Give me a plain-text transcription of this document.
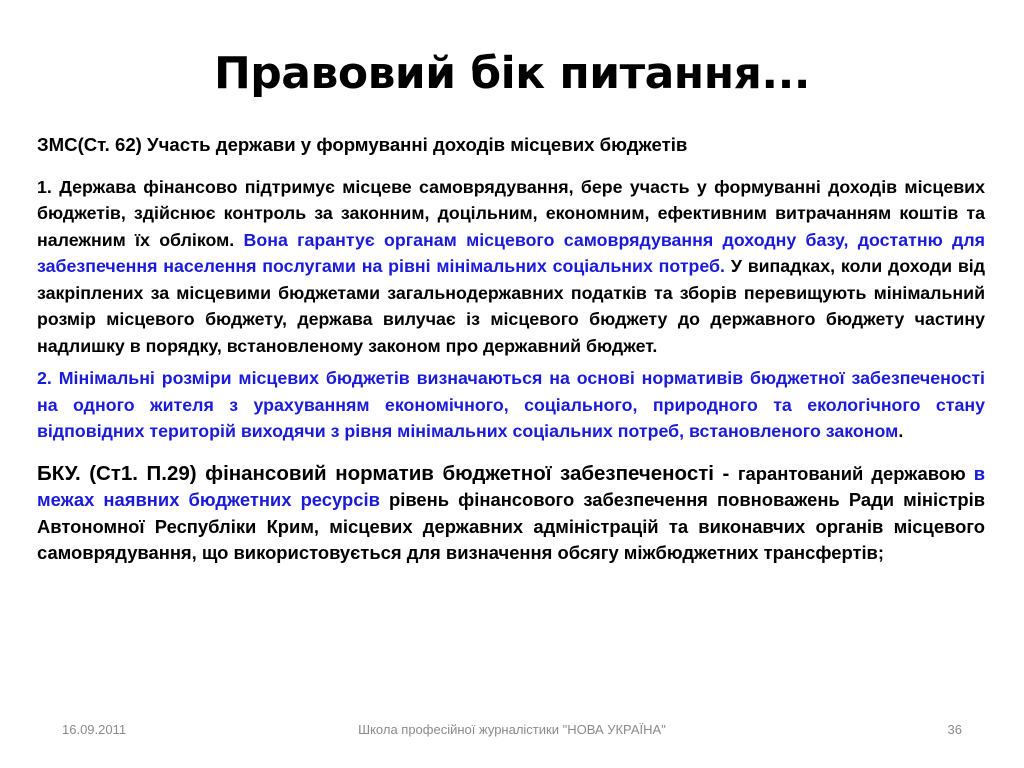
Правовий бік питання...

ЗМС(Ст. 62) Участь держави у формуванні доходів місцевих бюджетів

1. Держава фінансово підтримує місцеве самоврядування, бере участь у формуванні доходів місцевих бюджетів, здійснює контроль за законним, доцільним, економним, ефективним витрачанням коштів та належним їх обліком. Вона гарантує органам місцевого самоврядування доходну базу, достатню для забезпечення населення послугами на рівні мінімальних соціальних потреб. У випадках, коли доходи від закріплених за місцевими бюджетами загальнодержавних податків та зборів перевищують мінімальний розмір місцевого бюджету, держава вилучає із місцевого бюджету до державного бюджету частину надлишку в порядку, встановленому законом про державний бюджет.

2. Мінімальні розміри місцевих бюджетів визначаються на основі нормативів бюджетної забезпеченості на одного жителя з урахуванням економічного, соціального, природного та екологічного стану відповідних територій виходячи з рівня мінімальних соціальних потреб, встановленого законом.

БКУ. (Ст1. П.29) фінансовий норматив бюджетної забезпеченості - гарантований державою в межах наявних бюджетних ресурсів рівень фінансового забезпечення повноважень Ради міністрів Автономної Республіки Крим, місцевих державних адміністрацій та виконавчих органів місцевого самоврядування, що використовується для визначення обсягу міжбюджетних трансфертів;

16.09.2011	Школа професійної журналістики "НОВА УКРАЇНА"	36
